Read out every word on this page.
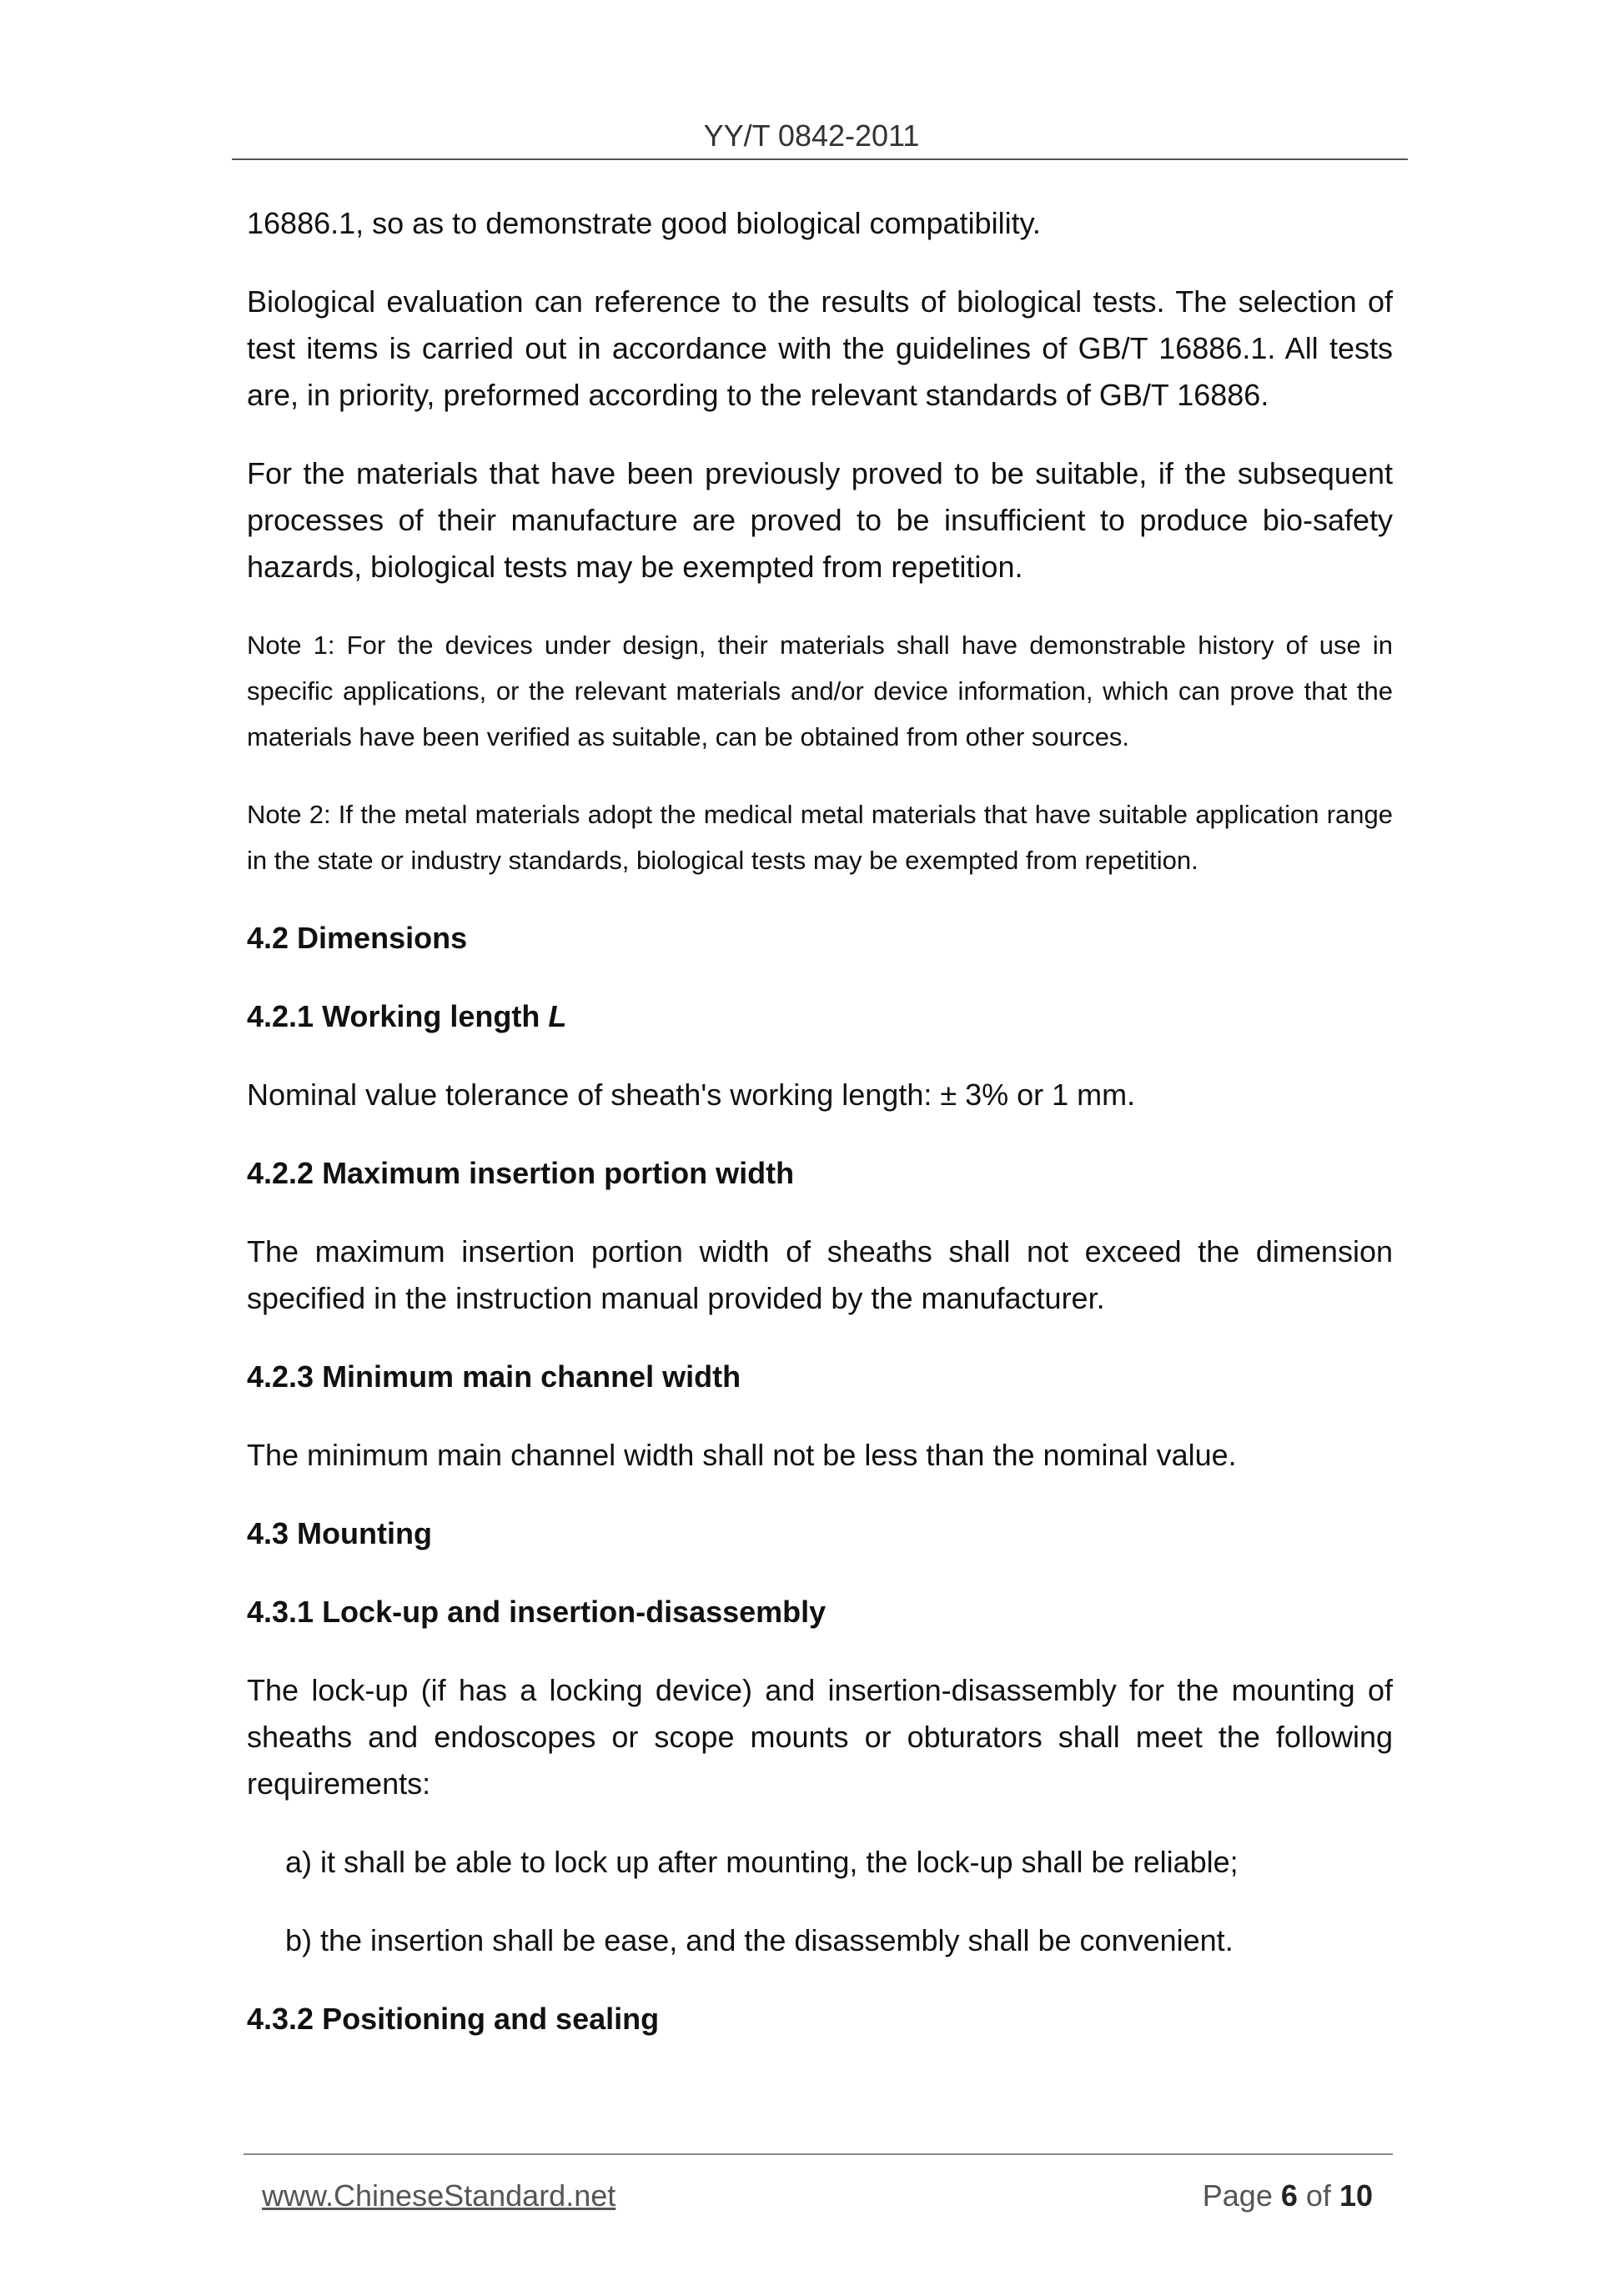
YY/T 0842-2011

16886.1, so as to demonstrate good biological compatibility.

Biological evaluation can reference to the results of biological tests. The selection of test items is carried out in accordance with the guidelines of GB/T 16886.1. All tests are, in priority, preformed according to the relevant standards of GB/T 16886.

For the materials that have been previously proved to be suitable, if the subsequent processes of their manufacture are proved to be insufficient to produce bio-safety hazards, biological tests may be exempted from repetition.

Note 1: For the devices under design, their materials shall have demonstrable history of use in specific applications, or the relevant materials and/or device information, which can prove that the materials have been verified as suitable, can be obtained from other sources.

Note 2: If the metal materials adopt the medical metal materials that have suitable application range in the state or industry standards, biological tests may be exempted from repetition.

4.2 Dimensions

4.2.1 Working length L

Nominal value tolerance of sheath's working length: ± 3% or 1 mm.

4.2.2 Maximum insertion portion width

The maximum insertion portion width of sheaths shall not exceed the dimension specified in the instruction manual provided by the manufacturer.

4.2.3 Minimum main channel width

The minimum main channel width shall not be less than the nominal value.

4.3 Mounting

4.3.1 Lock-up and insertion-disassembly

The lock-up (if has a locking device) and insertion-disassembly for the mounting of sheaths and endoscopes or scope mounts or obturators shall meet the following requirements:

a) it shall be able to lock up after mounting, the lock-up shall be reliable;

b) the insertion shall be ease, and the disassembly shall be convenient.

4.3.2 Positioning and sealing

www.ChineseStandard.net	Page 6 of 10
